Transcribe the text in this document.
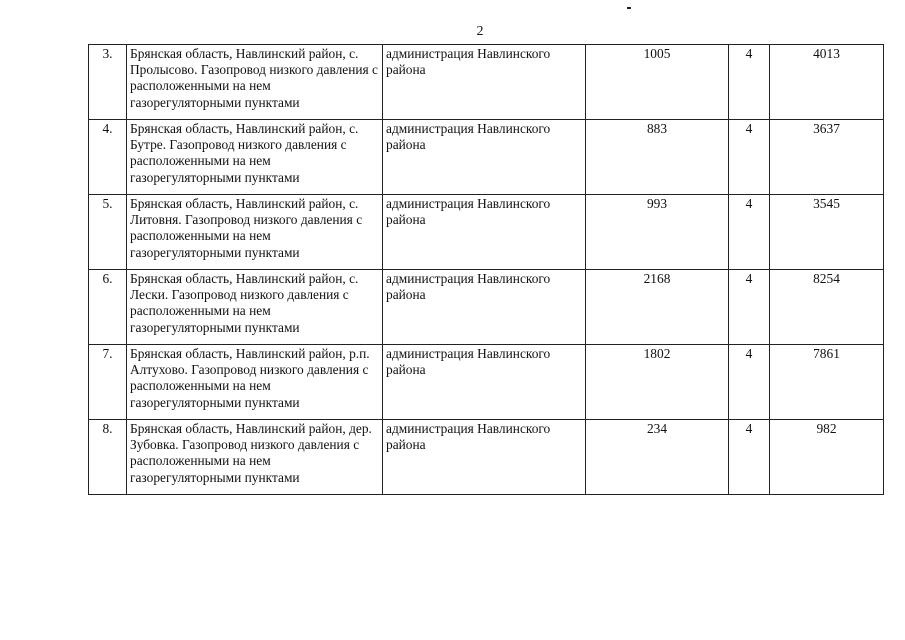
2
3.	Брянская область, Навлинский район, с. Пролысово. Газопровод низкого давления с расположенными на нем газорегуляторными пунктами	администрация Навлинского района	1005	4	4013
4.	Брянская область, Навлинский район, с. Бутре. Газопровод низкого давления с расположенными на нем газорегуляторными пунктами	администрация Навлинского района	883	4	3637
5.	Брянская область, Навлинский район, с. Литовня. Газопровод низкого давления с расположенными на нем газорегуляторными пунктами	администрация Навлинского района	993	4	3545
6.	Брянская область, Навлинский район, с. Лески. Газопровод низкого давления с расположенными на нем газорегуляторными пунктами	администрация Навлинского района	2168	4	8254
7.	Брянская область, Навлинский район, р.п. Алтухово. Газопровод низкого давления с расположенными на нем газорегуляторными пунктами	администрация Навлинского района	1802	4	7861
8.	Брянская область, Навлинский район, дер. Зубовка. Газопровод низкого давления с расположенными на нем газорегуляторными пунктами	администрация Навлинского района	234	4	982
